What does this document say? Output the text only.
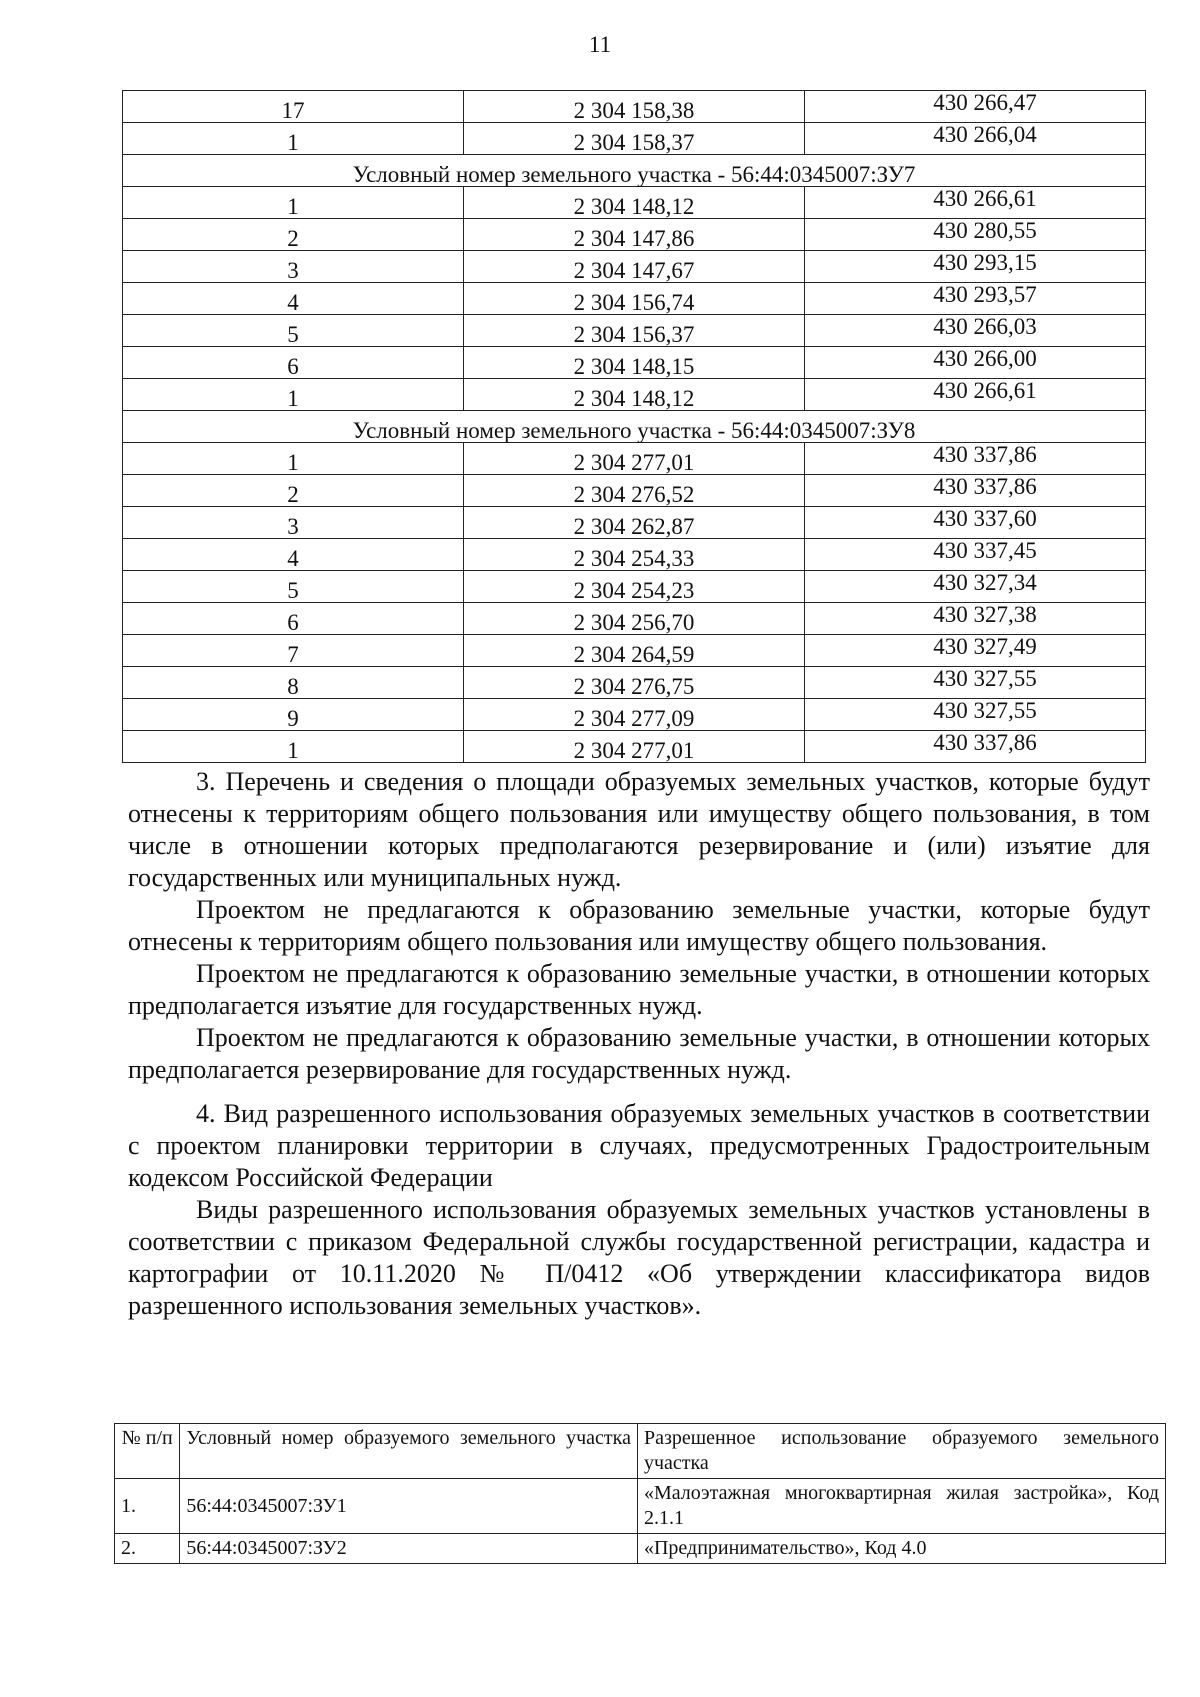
11
17	2 304 158,38	430 266,47
1	2 304 158,37	430 266,04
Условный номер земельного участка - 56:44:0345007:ЗУ7		
1	2 304 148,12	430 266,61
2	2 304 147,86	430 280,55
3	2 304 147,67	430 293,15
4	2 304 156,74	430 293,57
5	2 304 156,37	430 266,03
6	2 304 148,15	430 266,00
1	2 304 148,12	430 266,61
Условный номер земельного участка - 56:44:0345007:ЗУ8		
1	2 304 277,01	430 337,86
2	2 304 276,52	430 337,86
3	2 304 262,87	430 337,60
4	2 304 254,33	430 337,45
5	2 304 254,23	430 327,34
6	2 304 256,70	430 327,38
7	2 304 264,59	430 327,49
8	2 304 276,75	430 327,55
9	2 304 277,09	430 327,55
1	2 304 277,01	430 337,86

3. Перечень и сведения о площади образуемых земельных участков, которые будут отнесены к территориям общего пользования или имуществу общего пользования, в том числе в отношении которых предполагаются резервирование и (или) изъятие для государственных или муниципальных нужд.

Проектом не предлагаются к образованию земельные участки, которые будут отнесены к территориям общего пользования или имуществу общего пользования.

Проектом не предлагаются к образованию земельные участки, в отношении которых предполагается изъятие для государственных нужд.

Проектом не предлагаются к образованию земельные участки, в отношении которых предполагается резервирование для государственных нужд.

4. Вид разрешенного использования образуемых земельных участков в соответствии с проектом планировки территории в случаях, предусмотренных Градостроительным кодексом Российской Федерации

Виды разрешенного использования образуемых земельных участков установлены в соответствии с приказом Федеральной службы государственной регистрации, кадастра и картографии от 10.11.2020 № П/0412 «Об утверждении классификатора видов разрешенного использования земельных участков».

№ п/п	Условный номер образуемого земельного участка	Разрешенное использование образуемого земельного участка
1.	56:44:0345007:ЗУ1	«Малоэтажная многоквартирная жилая застройка», Код 2.1.1
2.	56:44:0345007:ЗУ2	«Предпринимательство», Код 4.0
